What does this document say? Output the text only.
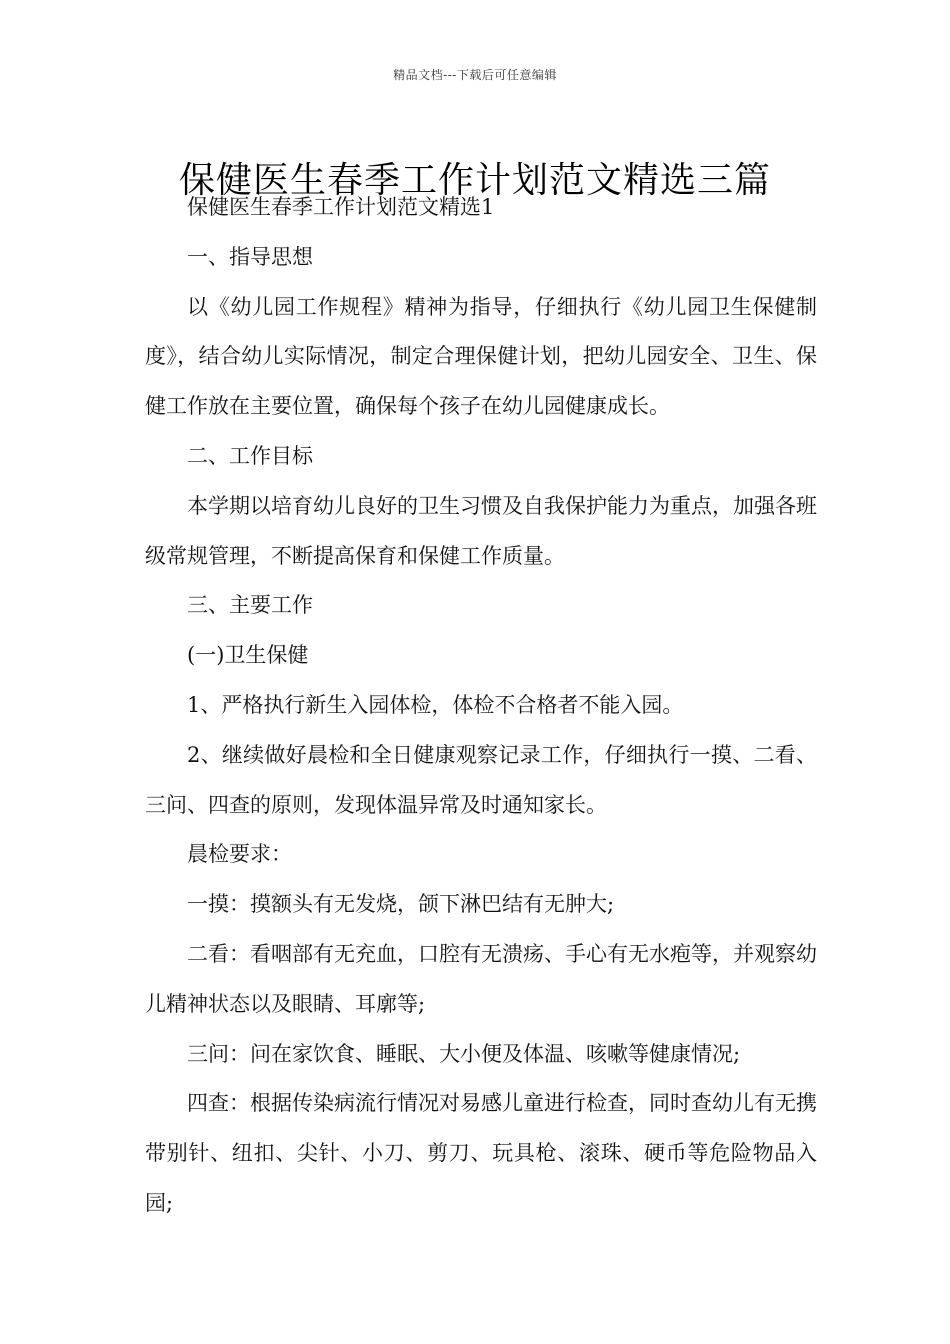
精品文档---下载后可任意编辑
保健医生春季工作计划范文精选三篇

保健医生春季工作计划范文精选1

一、指导思想

以《幼儿园工作规程》精神为指导，仔细执行《幼儿园卫生保健制度》，结合幼儿实际情况，制定合理保健计划，把幼儿园安全、卫生、保健工作放在主要位置，确保每个孩子在幼儿园健康成长。

二、工作目标

本学期以培育幼儿良好的卫生习惯及自我保护能力为重点，加强各班级常规管理，不断提高保育和保健工作质量。

三、主要工作

(一)卫生保健

1、严格执行新生入园体检，体检不合格者不能入园。

2、继续做好晨检和全日健康观察记录工作，仔细执行一摸、二看、三问、四查的原则，发现体温异常及时通知家长。

晨检要求：

一摸：摸额头有无发烧，颌下淋巴结有无肿大;

二看：看咽部有无充血，口腔有无溃疡、手心有无水疱等，并观察幼儿精神状态以及眼睛、耳廓等;

三问：问在家饮食、睡眠、大小便及体温、咳嗽等健康情况;

四查：根据传染病流行情况对易感儿童进行检查，同时查幼儿有无携带别针、纽扣、尖针、小刀、剪刀、玩具枪、滚珠、硬币等危险物品入园;
